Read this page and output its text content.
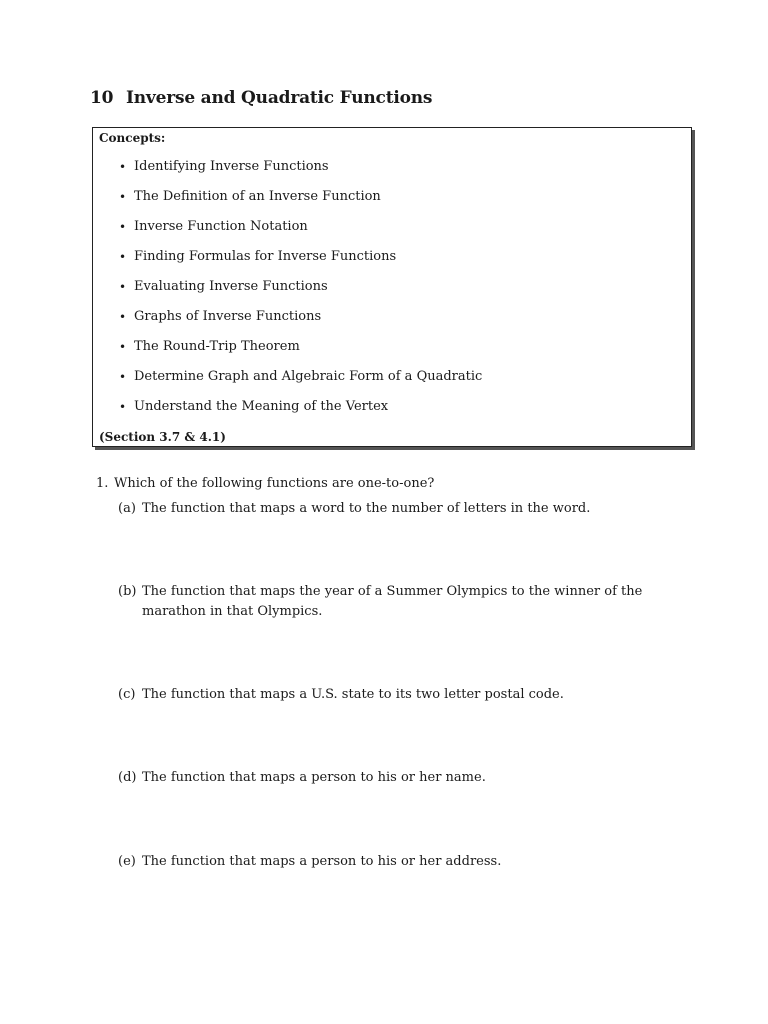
10 Inverse and Quadratic Functions
Concepts:
• Identifying Inverse Functions
• The Definition of an Inverse Function
• Inverse Function Notation
• Finding Formulas for Inverse Functions
• Evaluating Inverse Functions
• Graphs of Inverse Functions
• The Round-Trip Theorem
• Determine Graph and Algebraic Form of a Quadratic
• Understand the Meaning of the Vertex
(Section 3.7 & 4.1)
1. Which of the following functions are one-to-one?
(a) The function that maps a word to the number of letters in the word.
(b) The function that maps the year of a Summer Olympics to the winner of the marathon in that Olympics.
(c) The function that maps a U.S. state to its two letter postal code.
(d) The function that maps a person to his or her name.
(e) The function that maps a person to his or her address.
